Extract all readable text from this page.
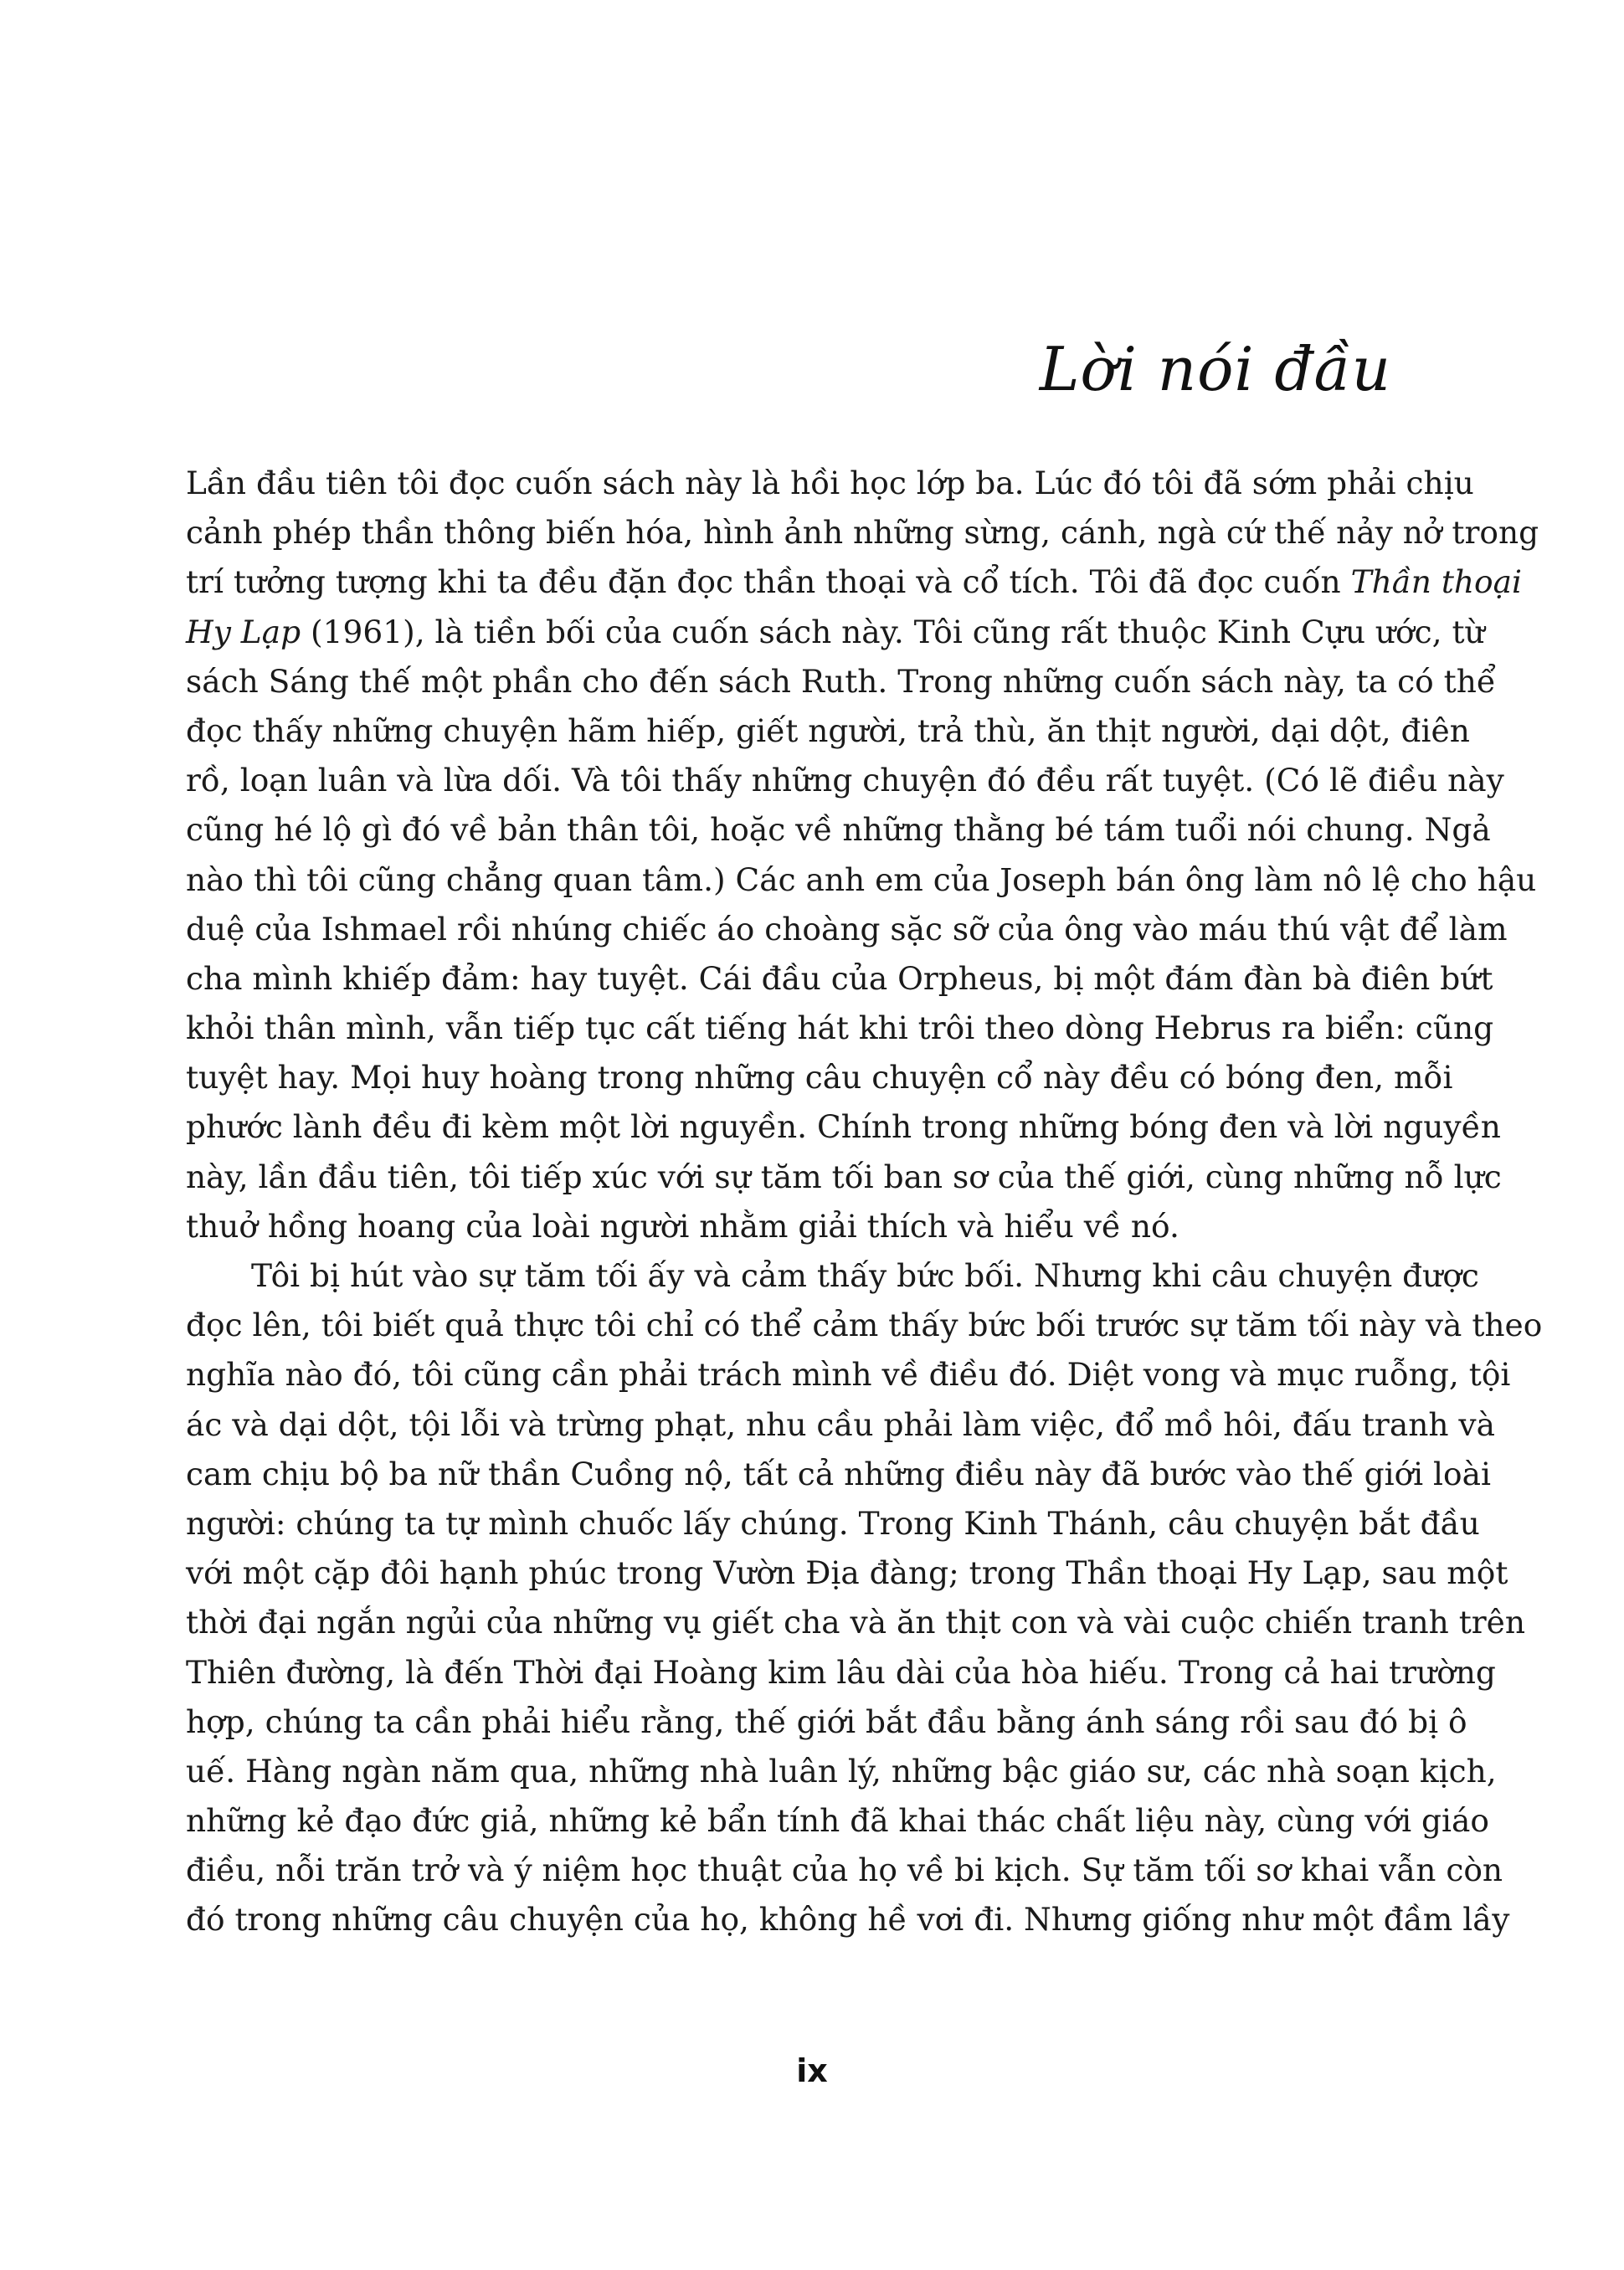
Lời nói đầu
Lần đầu tiên tôi đọc cuốn sách này là hồi học lớp ba. Lúc đó tôi đã sớm phải chịu
cảnh phép thần thông biến hóa, hình ảnh những sừng, cánh, ngà cứ thế nảy nở trong
trí tưởng tượng khi ta đều đặn đọc thần thoại và cổ tích. Tôi đã đọc cuốn Thần thoại
Hy Lạp (1961), là tiền bối của cuốn sách này. Tôi cũng rất thuộc Kinh Cựu ước, từ
sách Sáng thế một phần cho đến sách Ruth. Trong những cuốn sách này, ta có thể
đọc thấy những chuyện hãm hiếp, giết người, trả thù, ăn thịt người, dại dột, điên
rồ, loạn luân và lừa dối. Và tôi thấy những chuyện đó đều rất tuyệt. (Có lẽ điều này
cũng hé lộ gì đó về bản thân tôi, hoặc về những thằng bé tám tuổi nói chung. Ngả
nào thì tôi cũng chẳng quan tâm.) Các anh em của Joseph bán ông làm nô lệ cho hậu
duệ của Ishmael rồi nhúng chiếc áo choàng sặc sỡ của ông vào máu thú vật để làm
cha mình khiếp đảm: hay tuyệt. Cái đầu của Orpheus, bị một đám đàn bà điên bứt
khỏi thân mình, vẫn tiếp tục cất tiếng hát khi trôi theo dòng Hebrus ra biển: cũng
tuyệt hay. Mọi huy hoàng trong những câu chuyện cổ này đều có bóng đen, mỗi
phước lành đều đi kèm một lời nguyền. Chính trong những bóng đen và lời nguyền
này, lần đầu tiên, tôi tiếp xúc với sự tăm tối ban sơ của thế giới, cùng những nỗ lực
thuở hồng hoang của loài người nhằm giải thích và hiểu về nó.
Tôi bị hút vào sự tăm tối ấy và cảm thấy bức bối. Nhưng khi câu chuyện được
đọc lên, tôi biết quả thực tôi chỉ có thể cảm thấy bức bối trước sự tăm tối này và theo
nghĩa nào đó, tôi cũng cần phải trách mình về điều đó. Diệt vong và mục ruỗng, tội
ác và dại dột, tội lỗi và trừng phạt, nhu cầu phải làm việc, đổ mồ hôi, đấu tranh và
cam chịu bộ ba nữ thần Cuồng nộ, tất cả những điều này đã bước vào thế giới loài
người: chúng ta tự mình chuốc lấy chúng. Trong Kinh Thánh, câu chuyện bắt đầu
với một cặp đôi hạnh phúc trong Vườn Địa đàng; trong Thần thoại Hy Lạp, sau một
thời đại ngắn ngủi của những vụ giết cha và ăn thịt con và vài cuộc chiến tranh trên
Thiên đường, là đến Thời đại Hoàng kim lâu dài của hòa hiếu. Trong cả hai trường
hợp, chúng ta cần phải hiểu rằng, thế giới bắt đầu bằng ánh sáng rồi sau đó bị ô
uế. Hàng ngàn năm qua, những nhà luân lý, những bậc giáo sư, các nhà soạn kịch,
những kẻ đạo đức giả, những kẻ bẩn tính đã khai thác chất liệu này, cùng với giáo
điều, nỗi trăn trở và ý niệm học thuật của họ về bi kịch. Sự tăm tối sơ khai vẫn còn
đó trong những câu chuyện của họ, không hề vơi đi. Nhưng giống như một đầm lầy
ix
